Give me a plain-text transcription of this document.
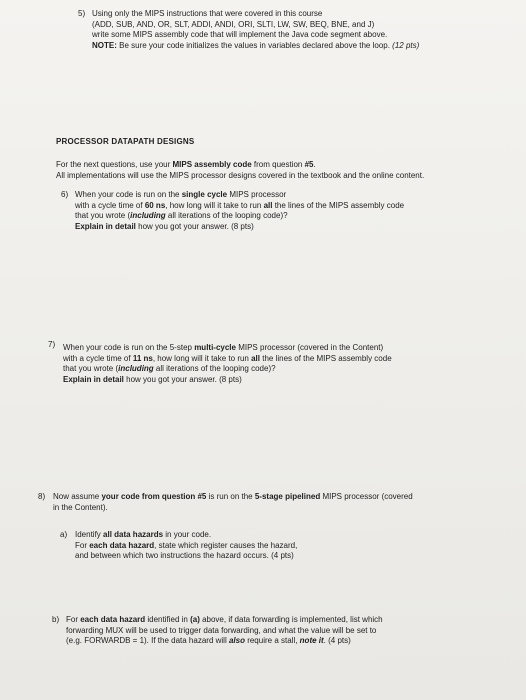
5) Using only the MIPS instructions that were covered in this course
(ADD, SUB, AND, OR, SLT, ADDI, ANDI, ORI, SLTI, LW, SW, BEQ, BNE, and J)
write some MIPS assembly code that will implement the Java code segment above.
NOTE: Be sure your code initializes the values in variables declared above the loop. (12 pts)
PROCESSOR DATAPATH DESIGNS
For the next questions, use your MIPS assembly code from question #5.
All implementations will use the MIPS processor designs covered in the textbook and the online content.
6) When your code is run on the single cycle MIPS processor
with a cycle time of 60 ns, how long will it take to run all the lines of the MIPS assembly code
that you wrote (including all iterations of the looping code)?
Explain in detail how you got your answer. (8 pts)
7) When your code is run on the 5-step multi-cycle MIPS processor (covered in the Content)
with a cycle time of 11 ns, how long will it take to run all the lines of the MIPS assembly code
that you wrote (including all iterations of the looping code)?
Explain in detail how you got your answer. (8 pts)
8) Now assume your code from question #5 is run on the 5-stage pipelined MIPS processor (covered
in the Content).
a) Identify all data hazards in your code.
For each data hazard, state which register causes the hazard,
and between which two instructions the hazard occurs. (4 pts)
b) For each data hazard identified in (a) above, if data forwarding is implemented, list which
forwarding MUX will be used to trigger data forwarding, and what the value will be set to
(e.g. FORWARDB = 1). If the data hazard will also require a stall, note it. (4 pts)
